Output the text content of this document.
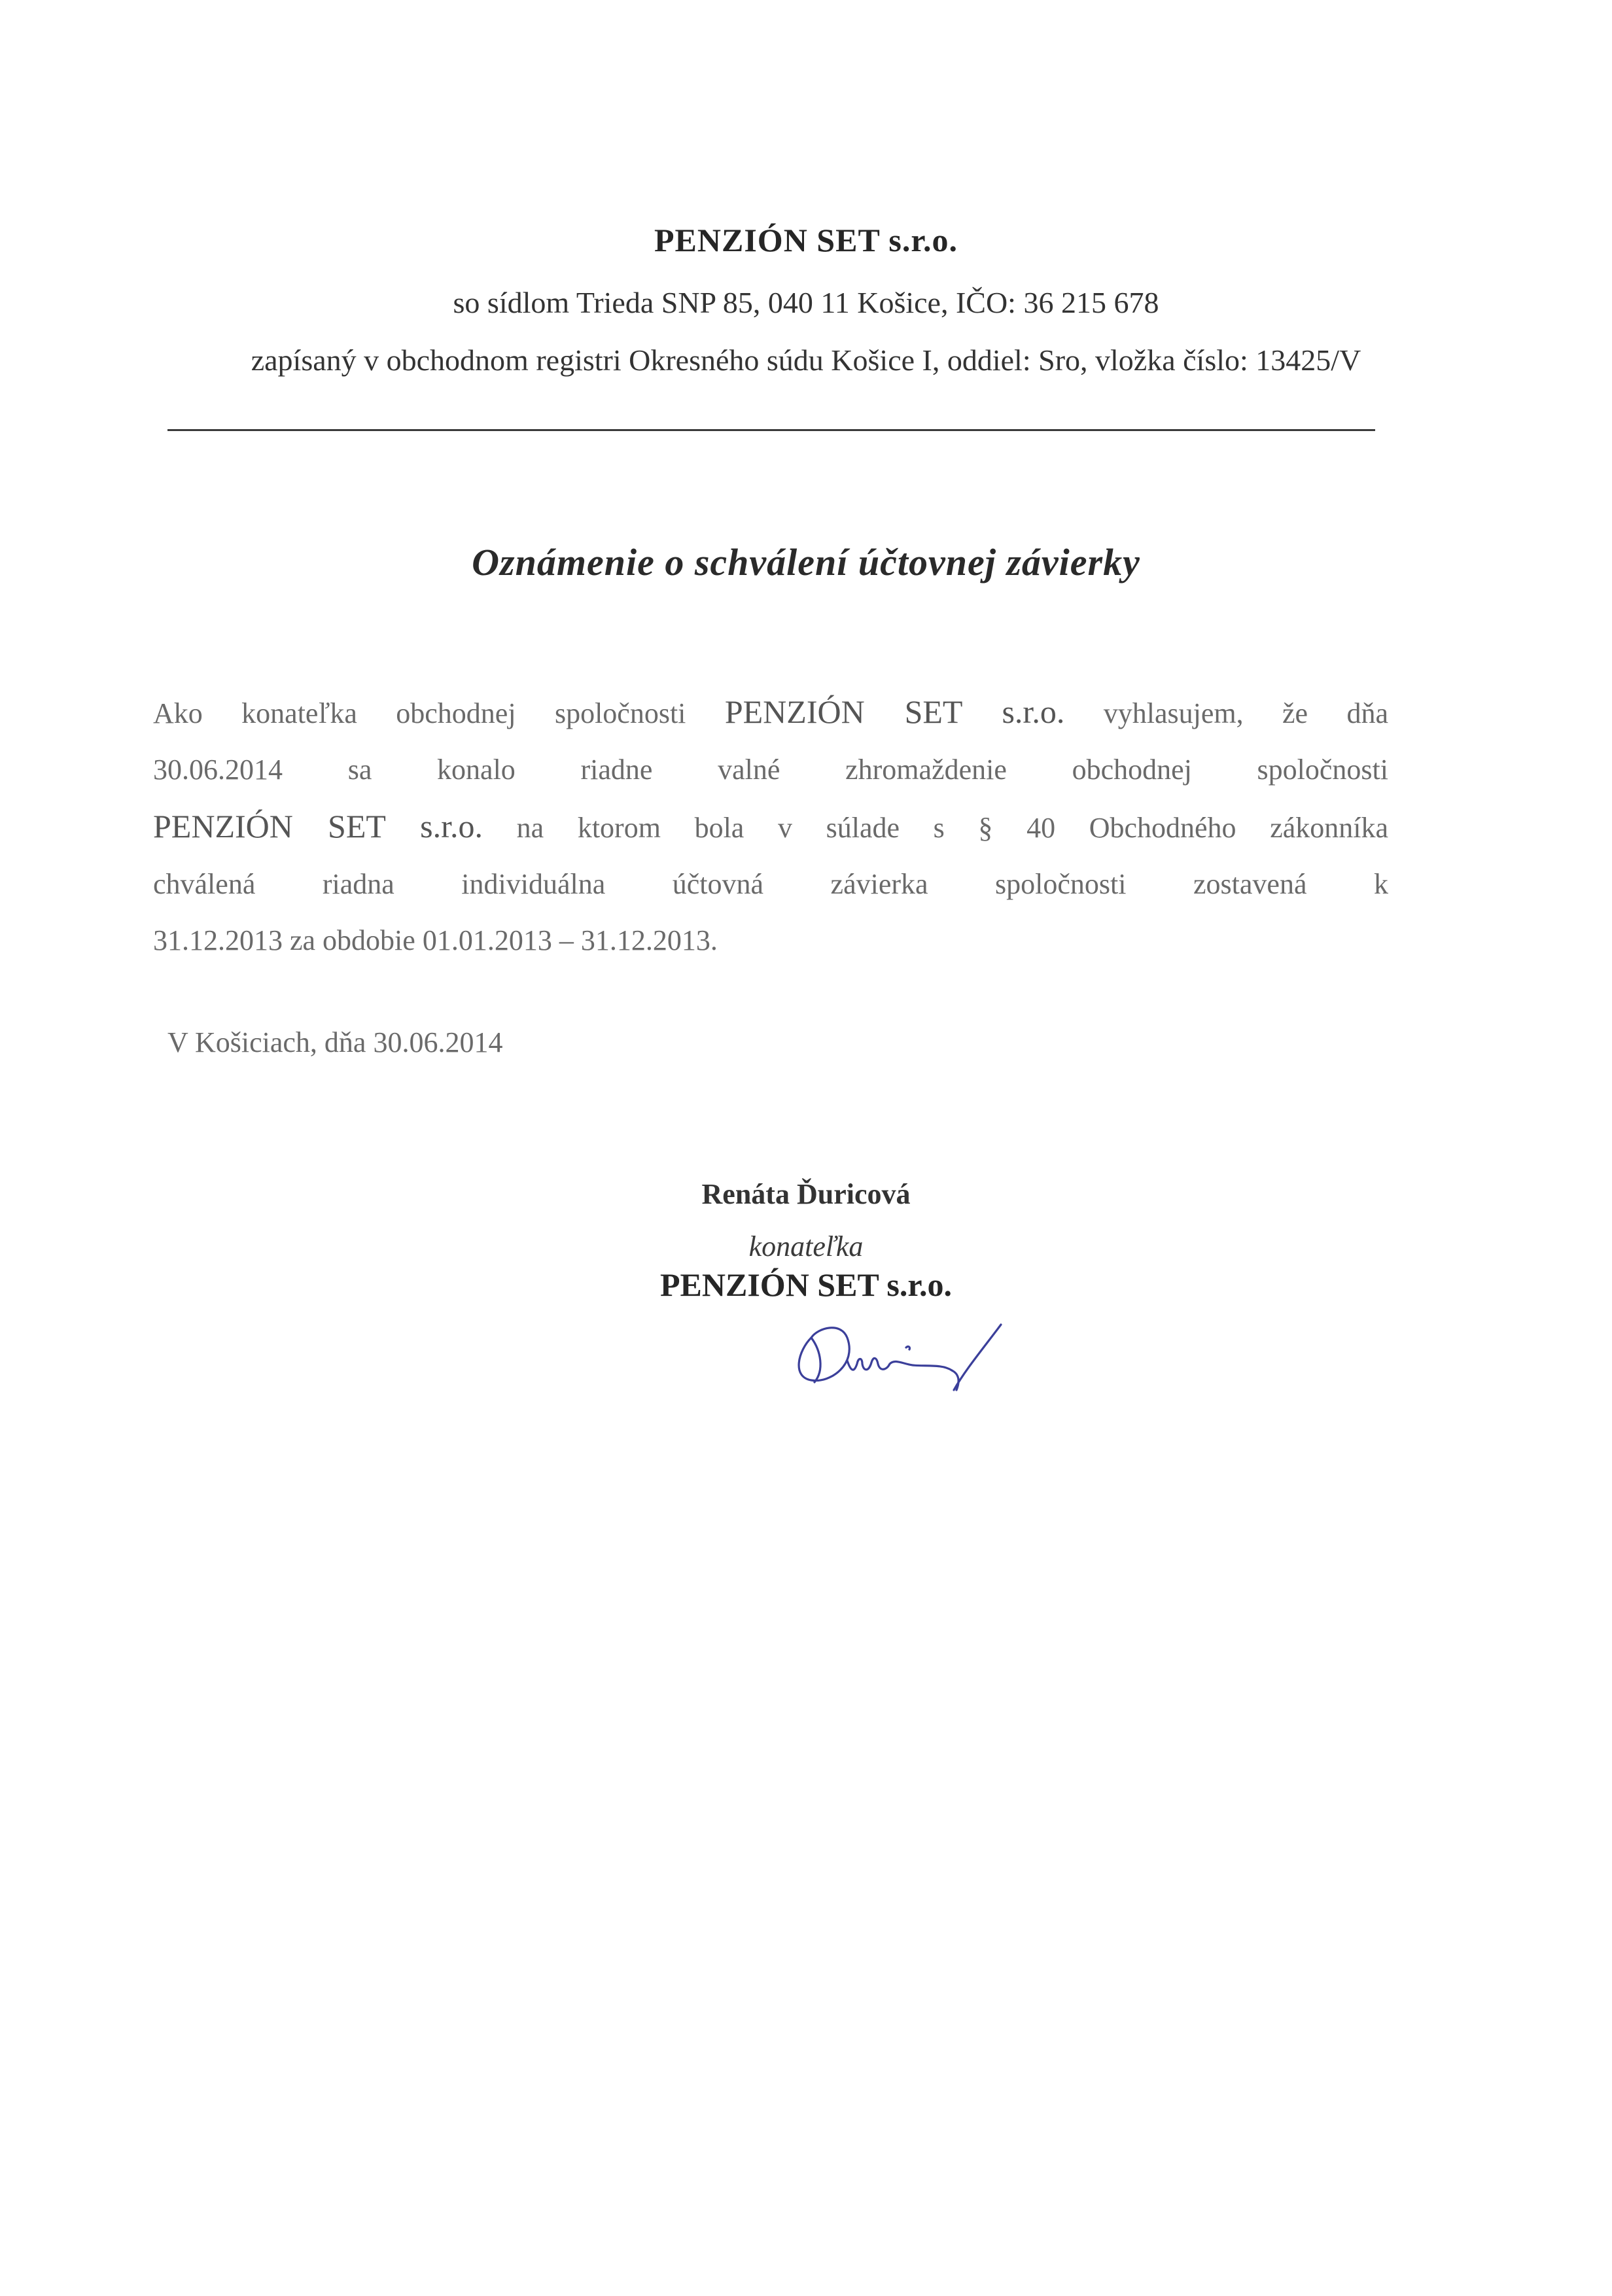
PENZIÓN SET s.r.o.
so sídlom Trieda SNP 85, 040 11 Košice, IČO: 36 215 678
zapísaný v obchodnom registri Okresného súdu Košice I, oddiel: Sro, vložka číslo: 13425/V
Oznámenie o schválení účtovnej závierky
Ako konateľka obchodnej spoločnosti PENZIÓN SET s.r.o. vyhlasujem, že dňa
30.06.2014 sa konalo riadne valné zhromaždenie obchodnej spoločnosti
PENZIÓN SET s.r.o. na ktorom bola v súlade s § 40 Obchodného zákonníka
chválená riadna individuálna účtovná závierka spoločnosti zostavená k
31.12.2013 za obdobie 01.01.2013 – 31.12.2013.
V Košiciach, dňa 30.06.2014
Renáta Ďuricová
konateľka
PENZIÓN SET s.r.o.
